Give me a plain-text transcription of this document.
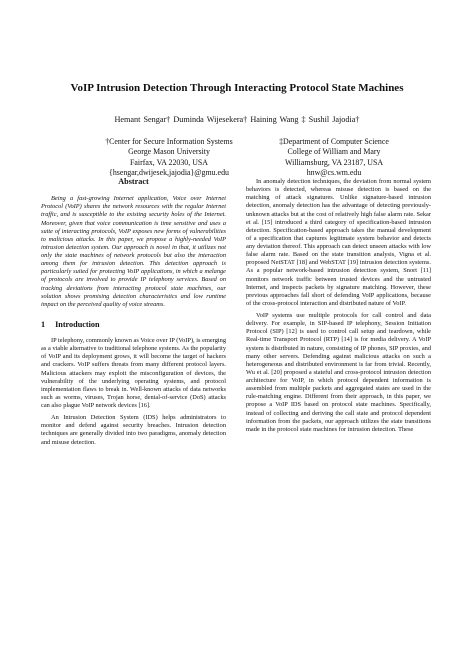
VoIP Intrusion Detection Through Interacting Protocol State Machines
Hemant Sengar† Duminda Wijesekera† Haining Wang ‡ Sushil Jajodia†
†Center for Secure Information Systems
George Mason University
Fairfax, VA 22030, USA
{hsengar,dwijesek,jajodia}@gmu.edu
‡Department of Computer Science
College of William and Mary
Williamsburg, VA 23187, USA
hnw@cs.wm.edu
Abstract

Being a fast-growing Internet application, Voice over Internet Protocol (VoIP) shares the network resources with the regular Internet traffic, and is susceptible to the existing security holes of the Internet. Moreover, given that voice communication is time sensitive and uses a suite of interacting protocols, VoIP exposes new forms of vulnerabilities to malicious attacks. In this paper, we propose a highly-needed VoIP intrusion detection system. Our approach is novel in that, it utilizes not only the state machines of network protocols but also the interaction among them for intrusion detection. This detection approach is particularly suited for protecting VoIP applications, in which a melange of protocols are involved to provide IP telephony services. Based on tracking deviations from interacting protocol state machines, our solution shows promising detection characteristics and low runtime impact on the perceived quality of voice streams.

1 Introduction

IP telephony, commonly known as Voice over IP (VoIP), is emerging as a viable alternative to traditional telephone systems. As the popularity of VoIP and its deployment grows, it will become the target of hackers and crackers. VoIP suffers threats from many different protocol layers. Malicious attackers may exploit the misconfiguration of devices, the vulnerability of the underlying operating systems, and protocol implementation flaws to break in. Well-known attacks of data networks such as worms, viruses, Trojan horse, denial-of-service (DoS) attacks can also plague VoIP network devices [16].

An Intrusion Detection System (IDS) helps administrators to monitor and defend against security breaches. Intrusion detection techniques are generally divided into two paradigms, anomaly detection and misuse detection.

In anomaly detection techniques, the deviation from normal system behaviors is detected, whereas misuse detection is based on the matching of attack signatures. Unlike signature-based intrusion detection, anomaly detection has the advantage of detecting previously-unknown attacks but at the cost of relatively high false alarm rate. Sekar et al. [15] introduced a third category of specification-based intrusion detection. Specification-based approach takes the manual development of a specification that captures legitimate system behavior and detects any deviation thereof. This approach can detect unseen attacks with low false alarm rate. Based on the state transition analysis, Vigna et al. proposed NetSTAT [18] and WebSTAT [19] intrusion detection systems. As a popular network-based intrusion detection system, Snort [11] monitors network traffic between trusted devices and the untrusted Internet, and inspects packets by signature matching. However, these previous approaches fall short of defending VoIP applications, because of the cross-protocol interaction and distributed nature of VoIP.

VoIP systems use multiple protocols for call control and data delivery. For example, in SIP-based IP telephony, Session Initiation Protocol (SIP) [12] is used to control call setup and teardown, while Real-time Transport Protocol (RTP) [14] is for media delivery. A VoIP system is distributed in nature, consisting of IP phones, SIP proxies, and many other servers. Defending against malicious attacks on such a heterogeneous and distributed environment is far from trivial. Recently, Wu et al. [20] proposed a stateful and cross-protocol intrusion detection architecture for VoIP, in which protocol dependent information is assembled from multiple packets and aggregated states are used in the rule-matching engine. Different from their approach, in this paper, we propose a VoIP IDS based on protocol state machines. Specifically, instead of collecting and deriving the call state and protocol dependent information from the packets, our approach utilizes the state transitions made in the protocol state machines for intrusion detection. These
